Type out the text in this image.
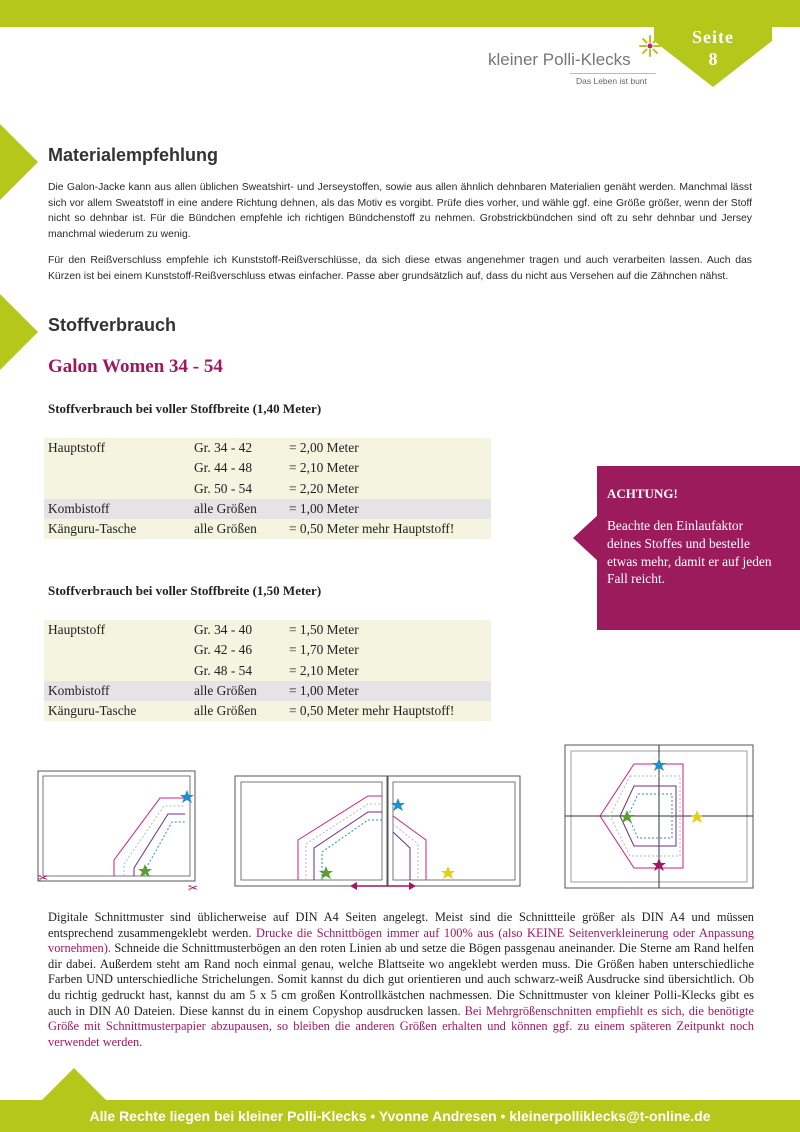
Seite
8
kleiner Polli-Klecks
Das Leben ist bunt
Materialempfehlung
Die Galon-Jacke kann aus allen üblichen Sweatshirt- und Jerseystoffen, sowie aus allen ähnlich dehnbaren Materialien genäht werden. Manchmal lässt sich vor allem Sweatstoff in eine andere Richtung dehnen, als das Motiv es vorgibt. Prüfe dies vorher, und wähle ggf. eine Größe größer, wenn der Stoff nicht so dehnbar ist. Für die Bündchen empfehle ich richtigen Bündchenstoff zu nehmen. Grobstrickbündchen sind oft zu sehr dehnbar und Jersey manchmal wiederum zu wenig.
Für den Reißverschluss empfehle ich Kunststoff-Reißverschlüsse, da sich diese etwas angenehmer tragen und auch verarbeiten lassen. Auch das Kürzen ist bei einem Kunststoff-Reißverschluss etwas einfacher. Passe aber grundsätzlich auf, dass du nicht aus Versehen auf die Zähnchen nähst.
Stoffverbrauch
Galon Women 34 - 54
Stoffverbrauch bei voller Stoffbreite (1,40 Meter)
Hauptstoff	Gr. 34 - 42	= 2,00 Meter
Gr. 44 - 48	= 2,10 Meter
Gr. 50 - 54	= 2,20 Meter
Kombistoff	alle Größen = 1,00 Meter
Känguru-Tasche	alle Größen = 0,50 Meter mehr Hauptstoff!
Stoffverbrauch bei voller Stoffbreite (1,50 Meter)
Hauptstoff	Gr. 34 - 40	= 1,50 Meter
Gr. 42 - 46	= 1,70 Meter
Gr. 48 - 54	= 2,10 Meter
Kombistoff	alle Größen = 1,00 Meter
Känguru-Tasche	alle Größen = 0,50 Meter mehr Hauptstoff!
ACHTUNG!
Beachte den Einlaufaktor deines Stoffes und bestelle etwas mehr, damit er auf jeden Fall reicht.
✂
✂
Digitale Schnittmuster sind üblicherweise auf DIN A4 Seiten angelegt. Meist sind die Schnittteile größer als DIN A4 und müssen entsprechend zusammengeklebt werden. Drucke die Schnittbögen immer auf 100% aus (also KEINE Seitenverkleinerung oder Anpassung vornehmen). Schneide die Schnittmusterbögen an den roten Linien ab und setze die Bögen passgenau aneinander. Die Sterne am Rand helfen dir dabei. Außerdem steht am Rand noch einmal genau, welche Blattseite wo angeklebt werden muss. Die Größen haben unterschiedliche Farben UND unterschiedliche Strichelungen. Somit kannst du dich gut orientieren und auch schwarz-weiß Ausdrucke sind übersichtlich. Ob du richtig gedruckt hast, kannst du am 5 x 5 cm großen Kontrollkästchen nachmessen. Die Schnittmuster von kleiner Polli-Klecks gibt es auch in DIN A0 Dateien. Diese kannst du in einem Copyshop ausdrucken lassen. Bei Mehrgrößenschnitten empfiehlt es sich, die benötigte Größe mit Schnittmusterpapier abzupausen, so bleiben die anderen Größen erhalten und können ggf. zu einem späteren Zeitpunkt noch verwendet werden.
Alle Rechte liegen bei kleiner Polli-Klecks • Yvonne Andresen • kleinerpolliklecks@t-online.de
